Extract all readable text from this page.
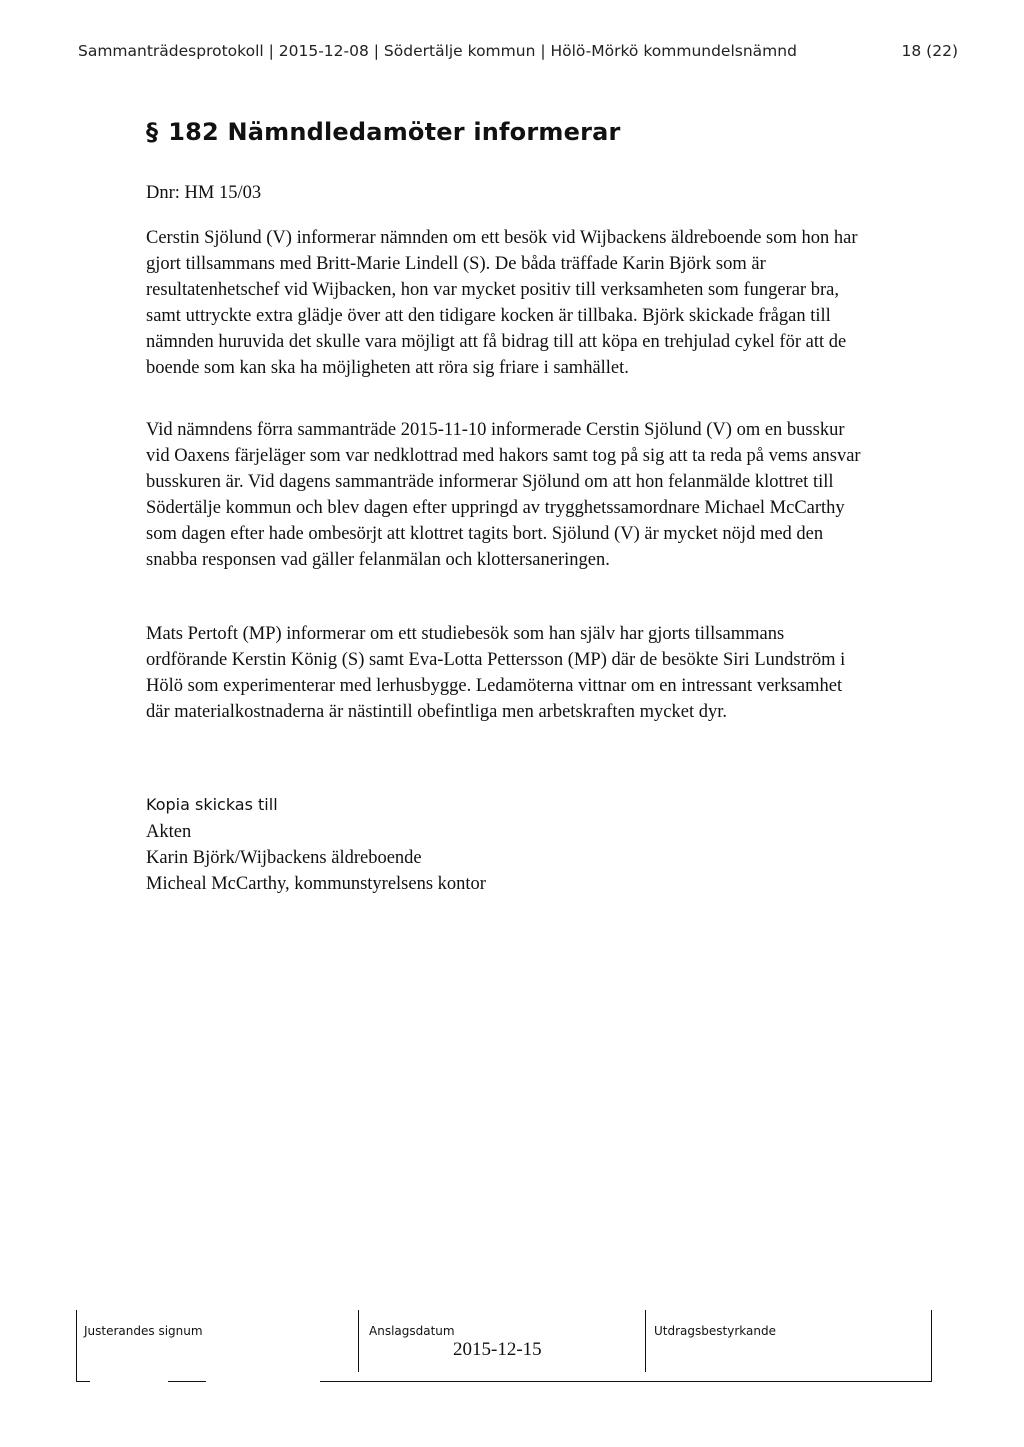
Sammanträdesprotokoll | 2015-12-08 | Södertälje kommun | Hölö-Mörkö kommundelsnämnd	18 (22)
§ 182 Nämndledamöter informerar
Dnr: HM 15/03
Cerstin Sjölund (V) informerar nämnden om ett besök vid Wijbackens äldreboende som hon har
gjort tillsammans med Britt-Marie Lindell (S). De båda träffade Karin Björk som är
resultatenhetschef vid Wijbacken, hon var mycket positiv till verksamheten som fungerar bra,
samt uttryckte extra glädje över att den tidigare kocken är tillbaka. Björk skickade frågan till
nämnden huruvida det skulle vara möjligt att få bidrag till att köpa en trehjulad cykel för att de
boende som kan ska ha möjligheten att röra sig friare i samhället.
Vid nämndens förra sammanträde 2015-11-10 informerade Cerstin Sjölund (V) om en busskur
vid Oaxens färjeläger som var nedklottrad med hakors samt tog på sig att ta reda på vems ansvar
busskuren är. Vid dagens sammanträde informerar Sjölund om att hon felanmälde klottret till
Södertälje kommun och blev dagen efter uppringd av trygghetssamordnare Michael McCarthy
som dagen efter hade ombesörjt att klottret tagits bort. Sjölund (V) är mycket nöjd med den
snabba responsen vad gäller felanmälan och klottersaneringen.
Mats Pertoft (MP) informerar om ett studiebesök som han själv har gjorts tillsammans
ordförande Kerstin König (S) samt Eva-Lotta Pettersson (MP) där de besökte Siri Lundström i
Hölö som experimenterar med lerhusbygge. Ledamöterna vittnar om en intressant verksamhet
där materialkostnaderna är nästintill obefintliga men arbetskraften mycket dyr.
Kopia skickas till
Akten
Karin Björk/Wijbackens äldreboende
Micheal McCarthy, kommunstyrelsens kontor
Justerandes signum	Anslagsdatum
2015-12-15
Utdragsbestyrkande
